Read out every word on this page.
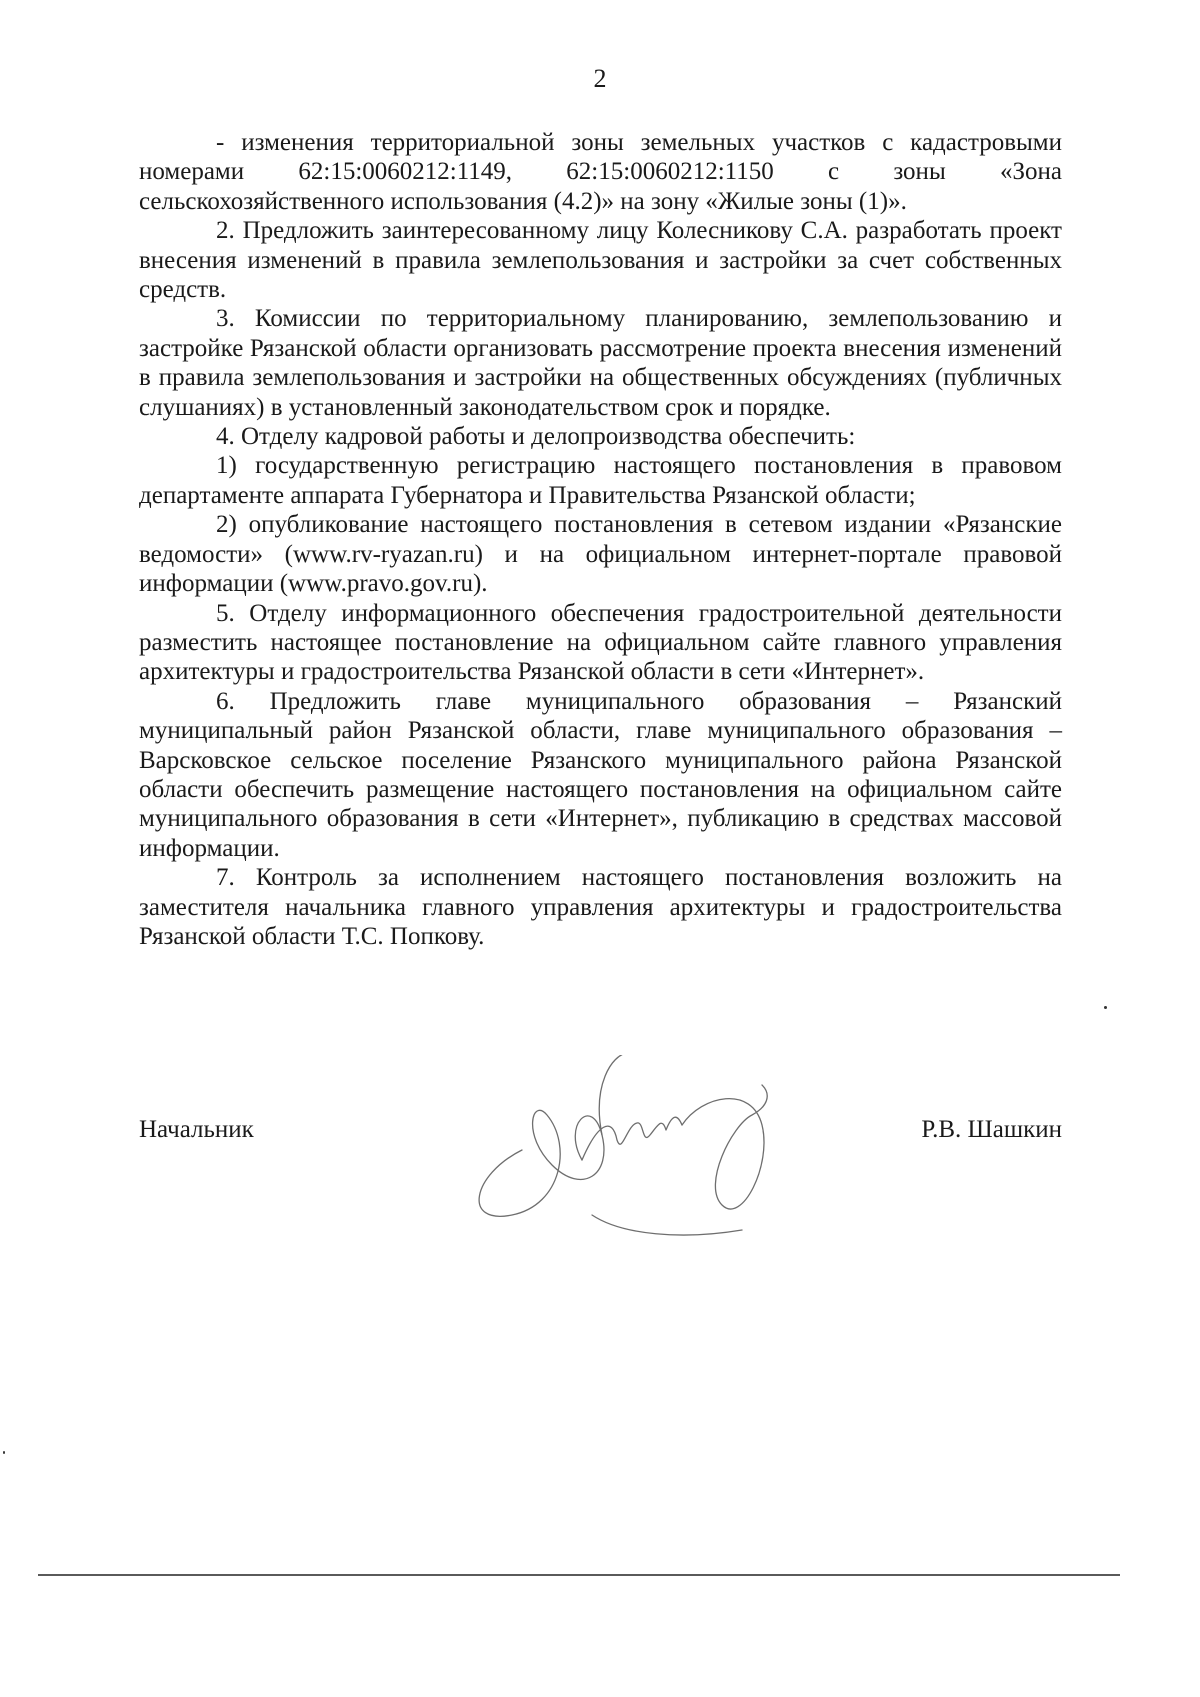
2

- изменения территориальной зоны земельных участков с кадастровыми номерами 62:15:0060212:1149, 62:15:0060212:1150 с зоны «Зона сельскохозяйственного использования (4.2)» на зону «Жилые зоны (1)».

2. Предложить заинтересованному лицу Колесникову С.А. разработать проект внесения изменений в правила землепользования и застройки за счет собственных средств.

3. Комиссии по территориальному планированию, землепользованию и застройке Рязанской области организовать рассмотрение проекта внесения изменений в правила землепользования и застройки на общественных обсуждениях (публичных слушаниях) в установленный законодательством срок и порядке.

4. Отделу кадровой работы и делопроизводства обеспечить:

1) государственную регистрацию настоящего постановления в правовом департаменте аппарата Губернатора и Правительства Рязанской области;

2) опубликование настоящего постановления в сетевом издании «Рязанские ведомости» (www.rv-ryazan.ru) и на официальном интернет-портале правовой информации (www.pravo.gov.ru).

5. Отделу информационного обеспечения градостроительной деятельности разместить настоящее постановление на официальном сайте главного управления архитектуры и градостроительства Рязанской области в сети «Интернет».

6. Предложить главе муниципального образования – Рязанский муниципальный район Рязанской области, главе муниципального образования – Варсковское сельское поселение Рязанского муниципального района Рязанской области обеспечить размещение настоящего постановления на официальном сайте муниципального образования в сети «Интернет», публикацию в средствах массовой информации.

7. Контроль за исполнением настоящего постановления возложить на заместителя начальника главного управления архитектуры и градостроительства Рязанской области Т.С. Попкову.

Начальник	Р.В. Шашкин
